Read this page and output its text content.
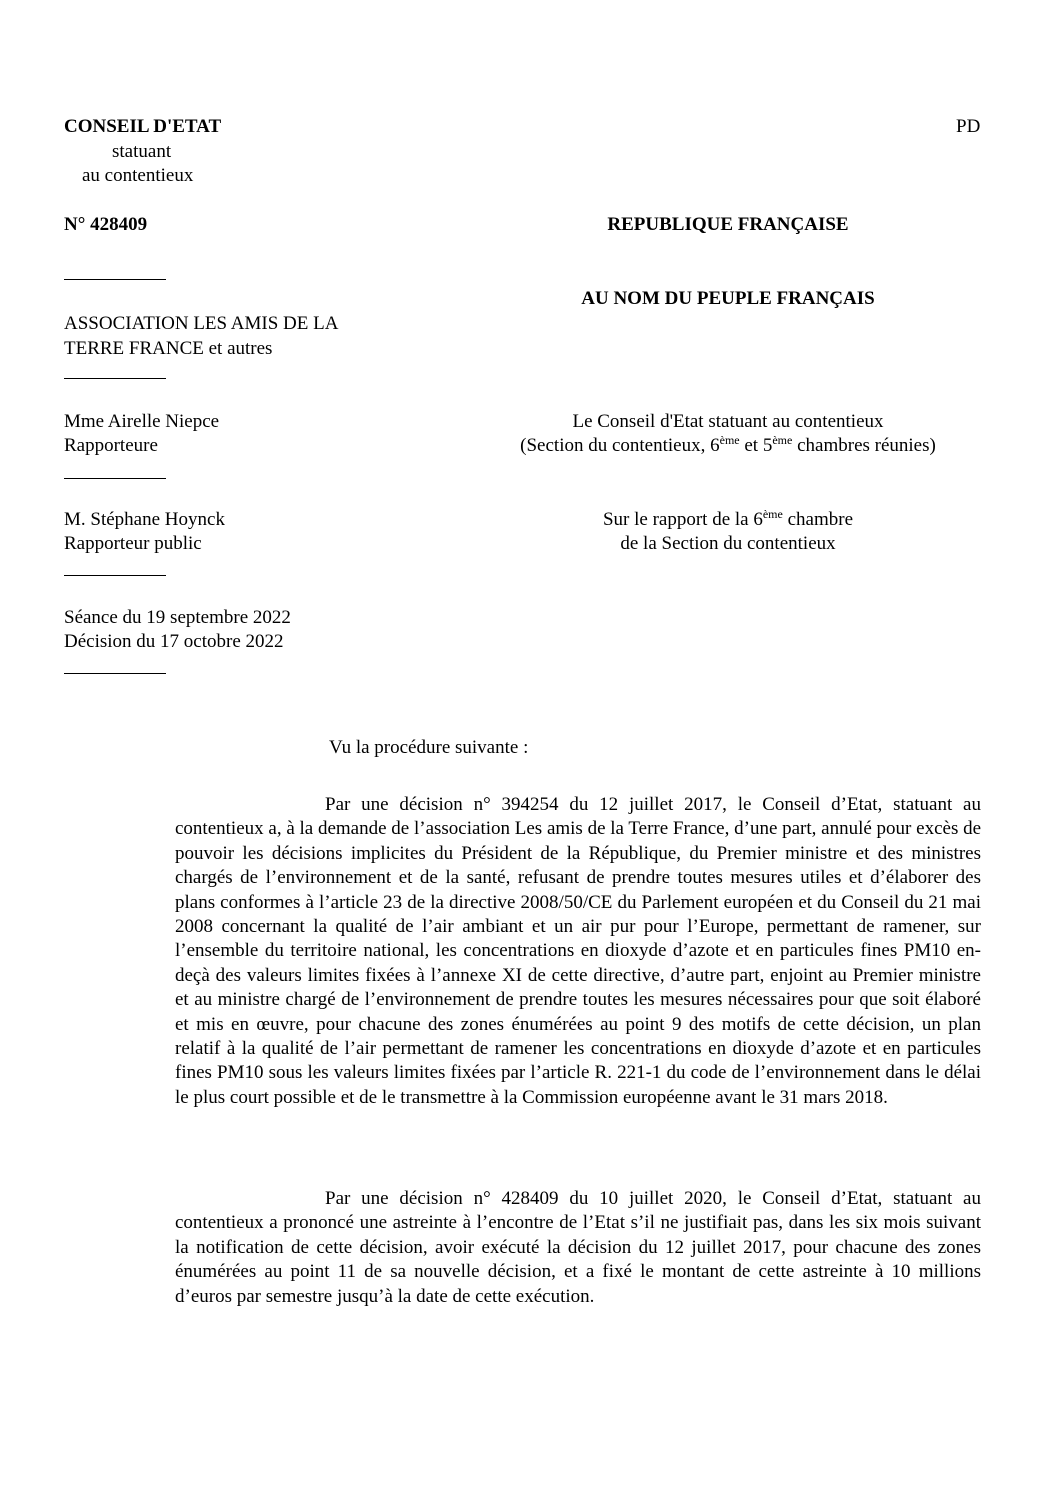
CONSEIL D'ETAT
statuant
au contentieux
PD
N° 428409	REPUBLIQUE FRANÇAISE
AU NOM DU PEUPLE FRANÇAIS
ASSOCIATION LES AMIS DE LA
TERRE FRANCE et autres
Mme Airelle Niepce
Rapporteure
Le Conseil d'Etat statuant au contentieux
(Section du contentieux, 6ème et 5ème chambres réunies)
M. Stéphane Hoynck
Rapporteur public
Sur le rapport de la 6ème chambre
de la Section du contentieux
Séance du 19 septembre 2022
Décision du 17 octobre 2022
Vu la procédure suivante :
Par une décision n° 394254 du 12 juillet 2017, le Conseil d’Etat, statuant au contentieux a, à la demande de l’association Les amis de la Terre France, d’une part, annulé pour excès de pouvoir les décisions implicites du Président de la République, du Premier ministre et des ministres chargés de l’environnement et de la santé, refusant de prendre toutes mesures utiles et d’élaborer des plans conformes à l’article 23 de la directive 2008/50/CE du Parlement européen et du Conseil du 21 mai 2008 concernant la qualité de l’air ambiant et un air pur pour l’Europe, permettant de ramener, sur l’ensemble du territoire national, les concentrations en dioxyde d’azote et en particules fines PM10 en-deçà des valeurs limites fixées à l’annexe XI de cette directive, d’autre part, enjoint au Premier ministre et au ministre chargé de l’environnement de prendre toutes les mesures nécessaires pour que soit élaboré et mis en œuvre, pour chacune des zones énumérées au point 9 des motifs de cette décision, un plan relatif à la qualité de l’air permettant de ramener les concentrations en dioxyde d’azote et en particules fines PM10 sous les valeurs limites fixées par l’article R. 221-1 du code de l’environnement dans le délai le plus court possible et de le transmettre à la Commission européenne avant le 31 mars 2018.
Par une décision n° 428409 du 10 juillet 2020, le Conseil d’Etat, statuant au contentieux a prononcé une astreinte à l’encontre de l’Etat s’il ne justifiait pas, dans les six mois suivant la notification de cette décision, avoir exécuté la décision du 12 juillet 2017, pour chacune des zones énumérées au point 11 de sa nouvelle décision, et a fixé le montant de cette astreinte à 10 millions d’euros par semestre jusqu’à la date de cette exécution.
